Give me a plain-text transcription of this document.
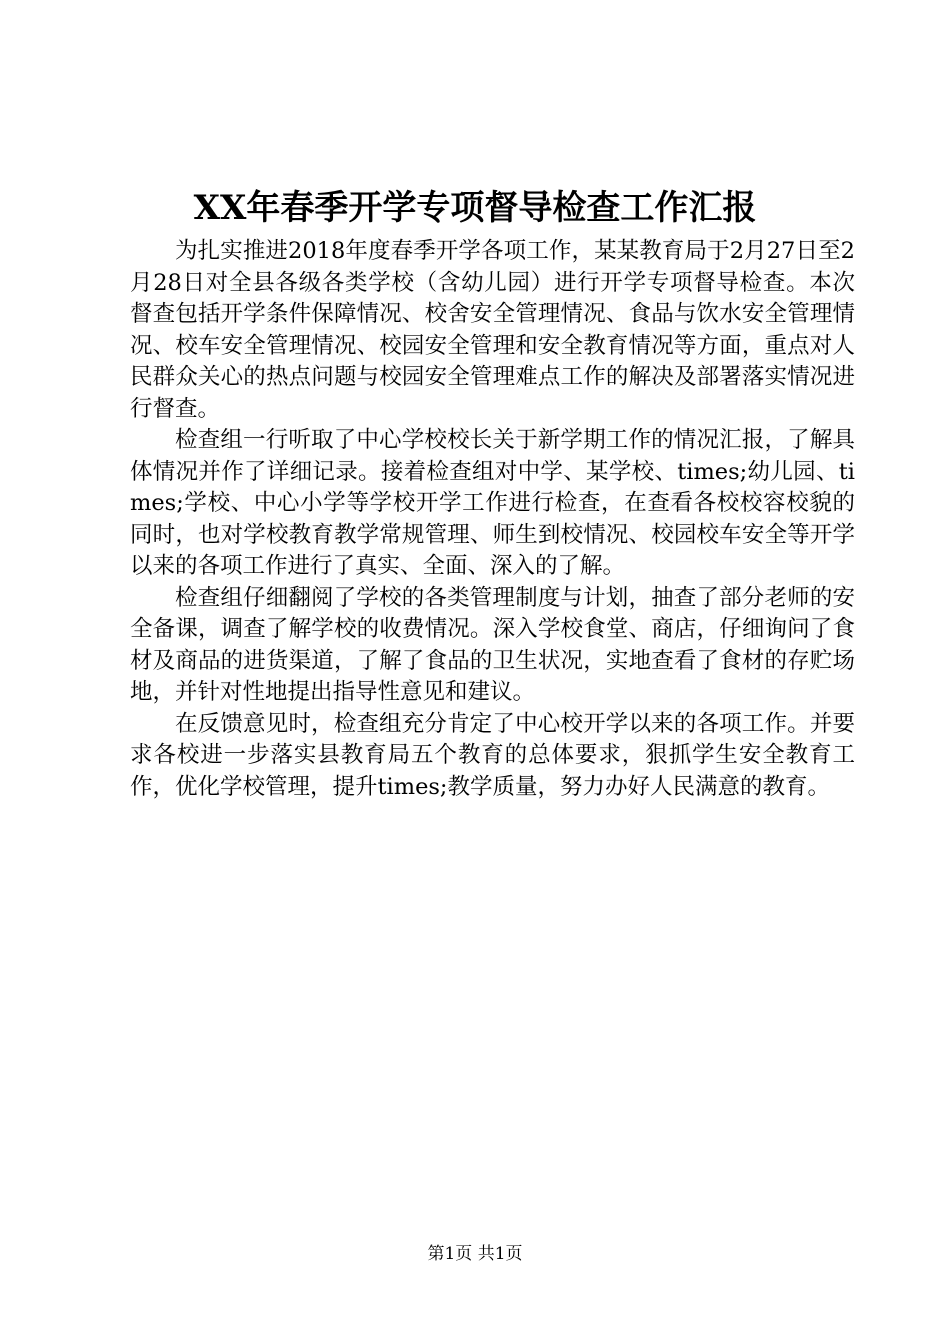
XX年春季开学专项督导检查工作汇报

为扎实推进2018年度春季开学各项工作，某某教育局于2月27日至2月28日对全县各级各类学校（含幼儿园）进行开学专项督导检查。本次督查包括开学条件保障情况、校舍安全管理情况、食品与饮水安全管理情况、校车安全管理情况、校园安全管理和安全教育情况等方面，重点对人民群众关心的热点问题与校园安全管理难点工作的解决及部署落实情况进行督查。

检查组一行听取了中心学校校长关于新学期工作的情况汇报，了解具体情况并作了详细记录。接着检查组对中学、某学校、times;幼儿园、times;学校、中心小学等学校开学工作进行检查，在查看各校校容校貌的同时，也对学校教育教学常规管理、师生到校情况、校园校车安全等开学以来的各项工作进行了真实、全面、深入的了解。

检查组仔细翻阅了学校的各类管理制度与计划，抽查了部分老师的安全备课，调查了解学校的收费情况。深入学校食堂、商店，仔细询问了食材及商品的进货渠道，了解了食品的卫生状况，实地查看了食材的存贮场地，并针对性地提出指导性意见和建议。

在反馈意见时，检查组充分肯定了中心校开学以来的各项工作。并要求各校进一步落实县教育局五个教育的总体要求，狠抓学生安全教育工作，优化学校管理，提升times;教学质量，努力办好人民满意的教育。

第1页 共1页
